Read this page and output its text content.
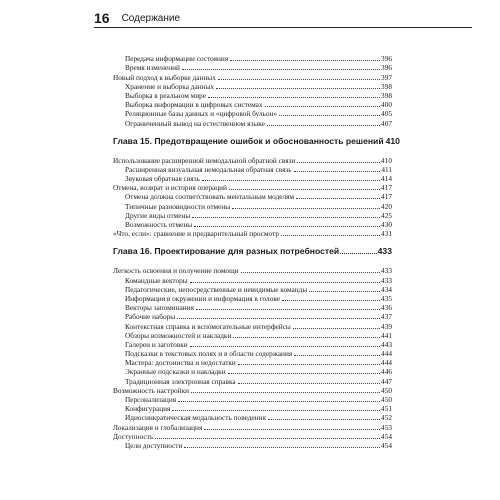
16 Содержание
Передача информации состояния	396
Время изменений	396
Новый подход к выборке данных	397
Хранение и выборка данных	398
Выборка в реальном мире	398
Выборка информации в цифровых системах	400
Реляционные базы данных и «цифровой бульон»	405
Ограниченный вывод на естественном языке	407
Глава 15. Предотвращение ошибок и обоснованность решений 410
Использование расширенной немодальной обратной связи	410
Расширенная визуальная немодальная обратная связь	411
Звуковая обратная связь	414
Отмена, возврат и история операций	417
Отмена должна соответствовать ментальным моделям	417
Типичные разновидности отмены	420
Другие виды отмены	425
Возможность отмены	430
«Что, если»: сравнение и предварительный просмотр	431
Глава 16. Проектирование для разных потребностей	433
Легкость освоения и получение помощи	433
Командные векторы	433
Педагогические, непосредственные и невидимые команды	434
Информация в окружении и информация в голове	435
Векторы запоминания	436
Рабочие наборы	437
Контекстная справка и вспомогательные интерфейсы	439
Обзоры возможностей и накладки	441
Галереи и заготовки	443
Подсказки в текстовых полях и в области содержания	444
Мастера: достоинства и недостатки	444
Экранные подсказки и накладки	446
Традиционная электронная справка	447
Возможность настройки	450
Персонализация	450
Конфигурация	451
Идиосинкратическая модальность поведения	452
Локализация и глобализация	453
Доступность	454
Цели доступности	454
